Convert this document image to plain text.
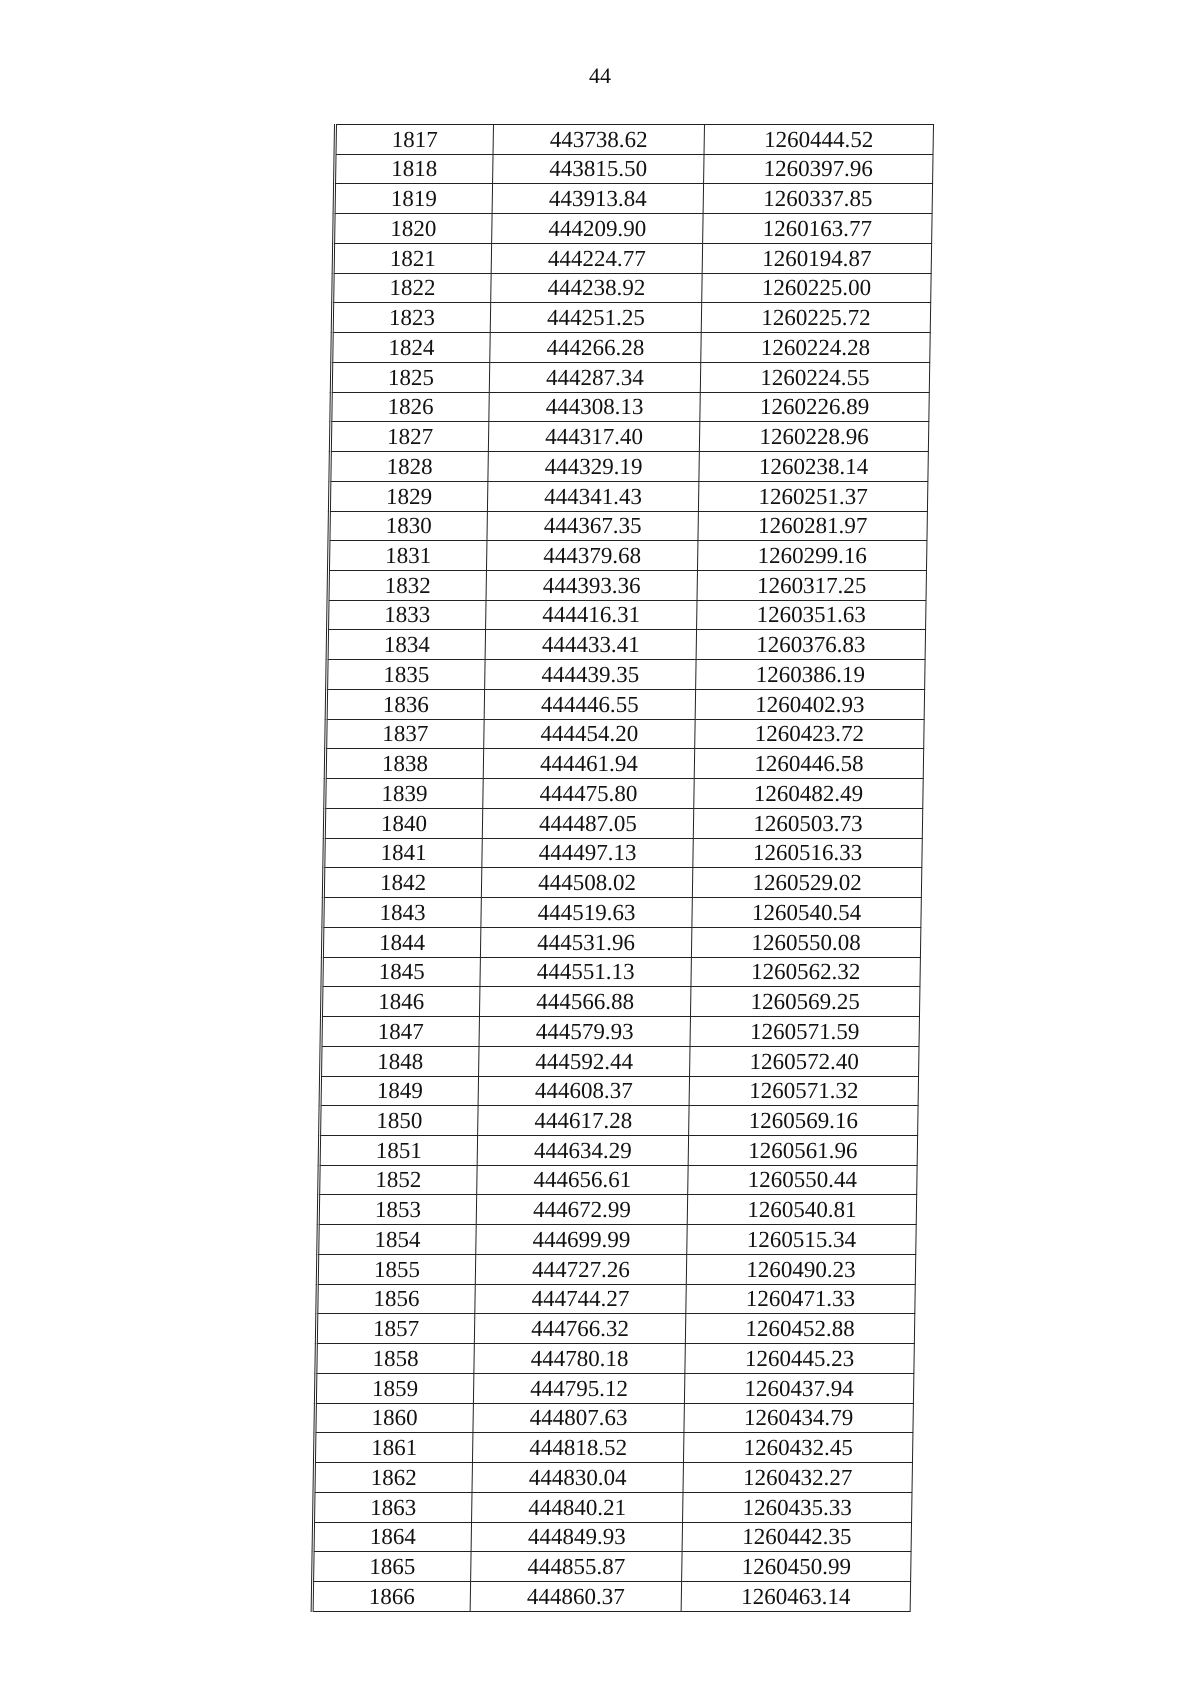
44
1817	443738.62	1260444.52
1818	443815.50	1260397.96
1819	443913.84	1260337.85
1820	444209.90	1260163.77
1821	444224.77	1260194.87
1822	444238.92	1260225.00
1823	444251.25	1260225.72
1824	444266.28	1260224.28
1825	444287.34	1260224.55
1826	444308.13	1260226.89
1827	444317.40	1260228.96
1828	444329.19	1260238.14
1829	444341.43	1260251.37
1830	444367.35	1260281.97
1831	444379.68	1260299.16
1832	444393.36	1260317.25
1833	444416.31	1260351.63
1834	444433.41	1260376.83
1835	444439.35	1260386.19
1836	444446.55	1260402.93
1837	444454.20	1260423.72
1838	444461.94	1260446.58
1839	444475.80	1260482.49
1840	444487.05	1260503.73
1841	444497.13	1260516.33
1842	444508.02	1260529.02
1843	444519.63	1260540.54
1844	444531.96	1260550.08
1845	444551.13	1260562.32
1846	444566.88	1260569.25
1847	444579.93	1260571.59
1848	444592.44	1260572.40
1849	444608.37	1260571.32
1850	444617.28	1260569.16
1851	444634.29	1260561.96
1852	444656.61	1260550.44
1853	444672.99	1260540.81
1854	444699.99	1260515.34
1855	444727.26	1260490.23
1856	444744.27	1260471.33
1857	444766.32	1260452.88
1858	444780.18	1260445.23
1859	444795.12	1260437.94
1860	444807.63	1260434.79
1861	444818.52	1260432.45
1862	444830.04	1260432.27
1863	444840.21	1260435.33
1864	444849.93	1260442.35
1865	444855.87	1260450.99
1866	444860.37	1260463.14
